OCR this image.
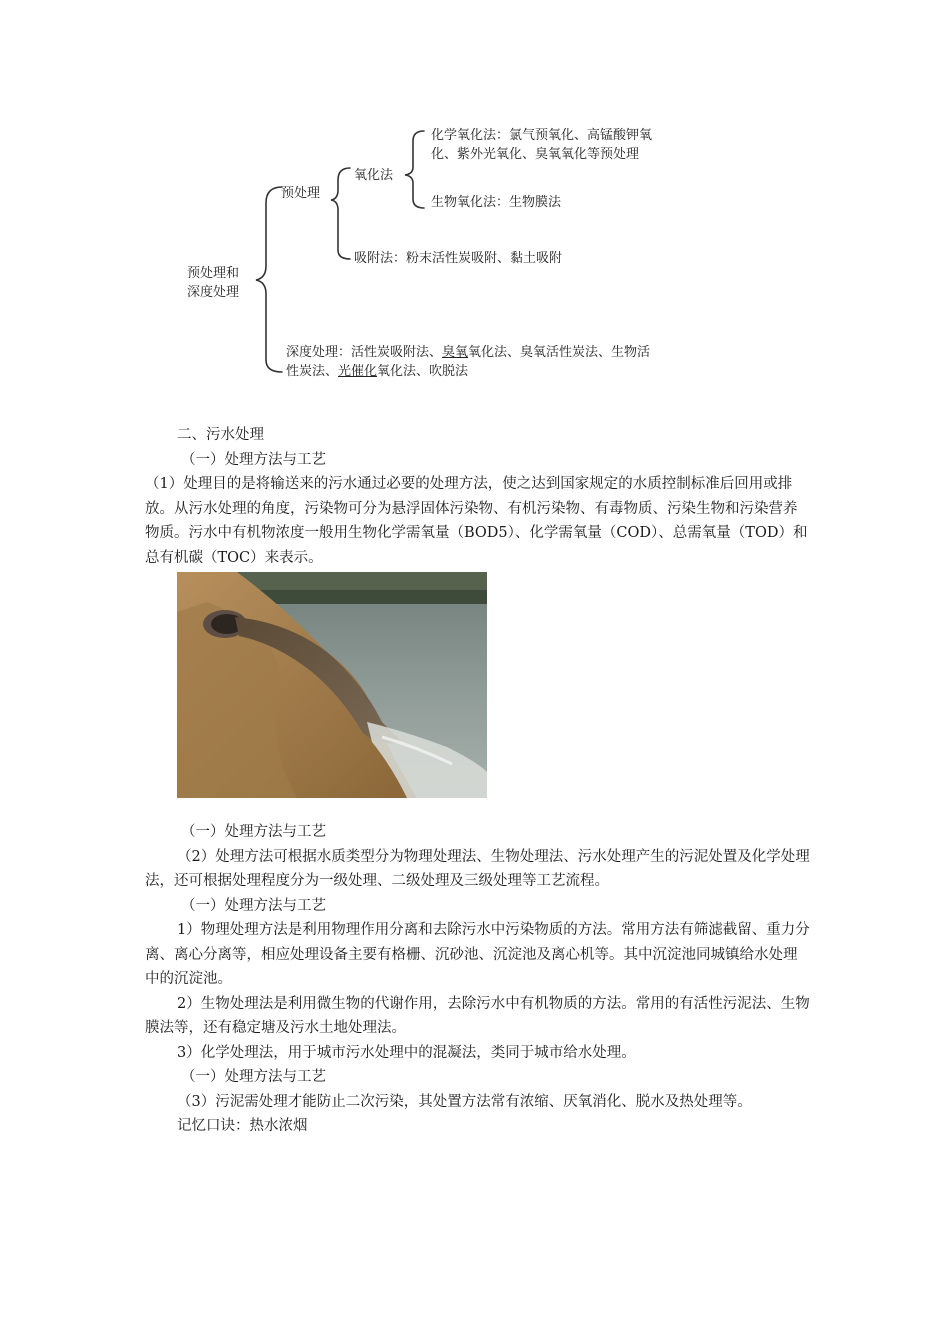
预处理和
深度处理
预处理
氧化法
化学氧化法：氯气预氧化、高锰酸钾氧
化、紫外光氧化、臭氧氧化等预处理
生物氧化法：生物膜法
吸附法：粉末活性炭吸附、黏土吸附
深度处理：活性炭吸附法、臭氧氧化法、臭氧活性炭法、生物活
性炭法、光催化氧化法、吹脱法

二、污水处理

（一）处理方法与工艺

（1）处理目的是将输送来的污水通过必要的处理方法，使之达到国家规定的水质控制标准后回用或排放。从污水处理的角度，污染物可分为悬浮固体污染物、有机污染物、有毒物质、污染生物和污染营养物质。污水中有机物浓度一般用生物化学需氧量（BOD5）、化学需氧量（COD）、总需氧量（TOD）和总有机碳（TOC）来表示。

（一）处理方法与工艺

（2）处理方法可根据水质类型分为物理处理法、生物处理法、污水处理产生的污泥处置及化学处理法，还可根据处理程度分为一级处理、二级处理及三级处理等工艺流程。

（一）处理方法与工艺

1）物理处理方法是利用物理作用分离和去除污水中污染物质的方法。常用方法有筛滤截留、重力分离、离心分离等，相应处理设备主要有格栅、沉砂池、沉淀池及离心机等。其中沉淀池同城镇给水处理中的沉淀池。

2）生物处理法是利用微生物的代谢作用，去除污水中有机物质的方法。常用的有活性污泥法、生物膜法等，还有稳定塘及污水土地处理法。

3）化学处理法，用于城市污水处理中的混凝法，类同于城市给水处理。

（一）处理方法与工艺

（3）污泥需处理才能防止二次污染，其处置方法常有浓缩、厌氧消化、脱水及热处理等。

记忆口诀：热水浓烟
